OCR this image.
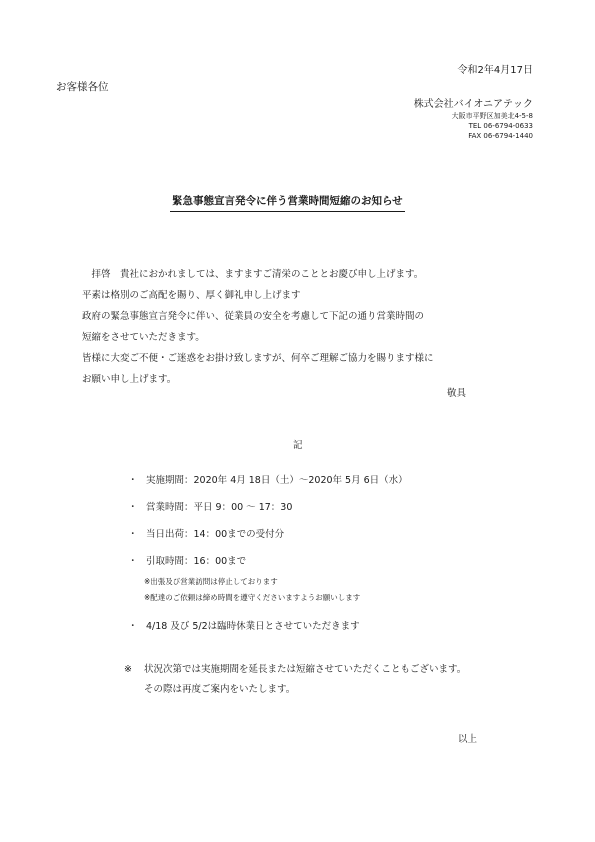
令和2年4月17日
お客様各位
株式会社バイオニアテック
大阪市平野区加美北4-5-8
TEL 06-6794-0633
FAX 06-6794-1440
緊急事態宣言発令に伴う営業時間短縮のお知らせ
　拝啓　貴社におかれましては、ますますご清栄のこととお慶び申し上げます。
平素は格別のご高配を賜り、厚く御礼申し上げます
政府の緊急事態宣言発令に伴い、従業員の安全を考慮して下記の通り営業時間の
短縮をさせていただきます。
皆様に大変ご不便・ご迷惑をお掛け致しますが、何卒ご理解ご協力を賜ります様に
お願い申し上げます。
敬具
記
・ 実施期間：2020年 4月 18日（土）～2020年 5月 6日（水）
・ 営業時間：平日 9：00 ～ 17：30
・ 当日出荷：14：00までの受付分
・ 引取時間：16：00まで
※出張及び営業訪問は停止しております
※配達のご依頼は締め時間を遵守くださいますようお願いします
・ 4/18 及び 5/2は臨時休業日とさせていただきます
※ 状況次第では実施期間を延長または短縮させていただくこともございます。
その際は再度ご案内をいたします。
以上
